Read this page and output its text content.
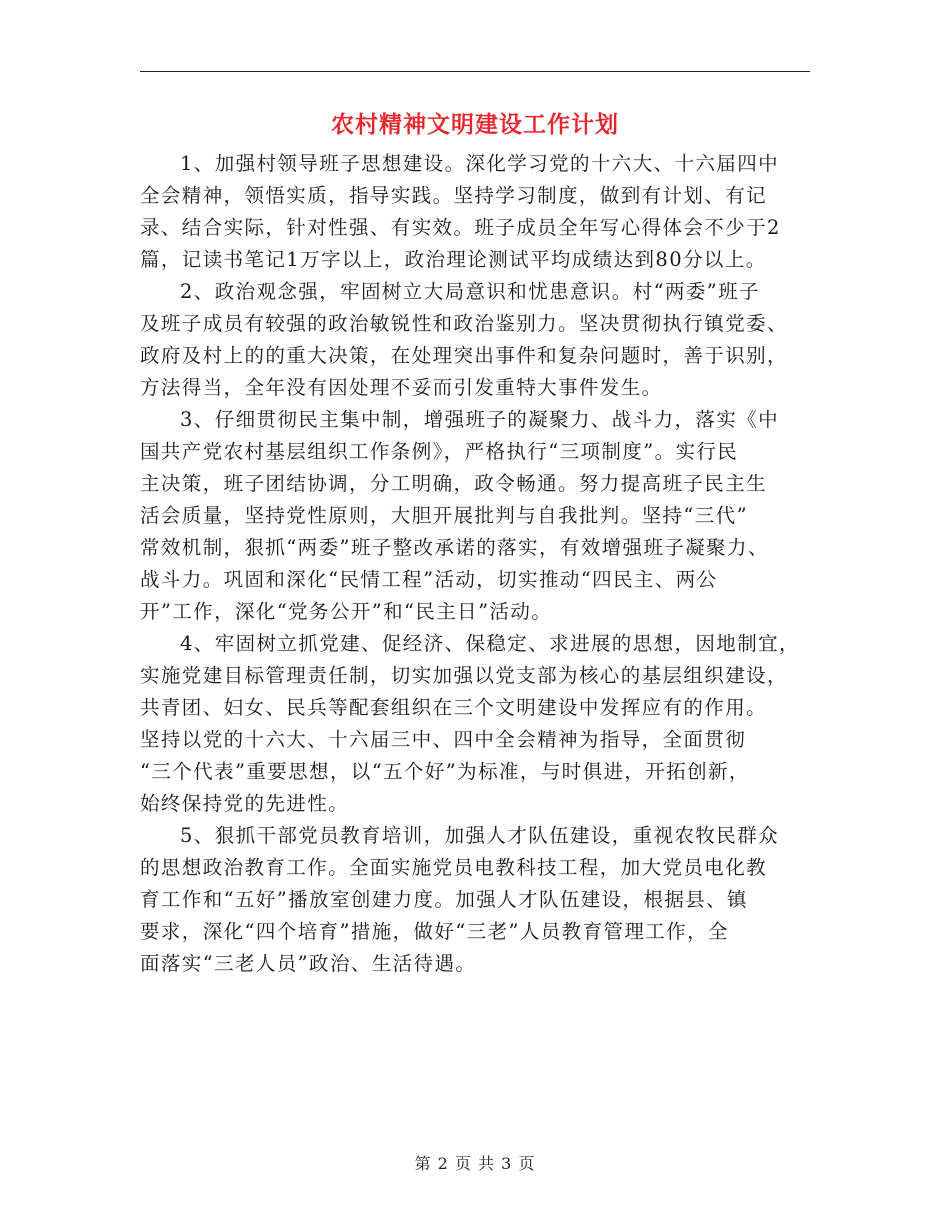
农村精神文明建设工作计划

1、加强村领导班子思想建设。深化学习党的十六大、十六届四中
全会精神，领悟实质，指导实践。坚持学习制度，做到有计划、有记
录、结合实际，针对性强、有实效。班子成员全年写心得体会不少于2
篇，记读书笔记1万字以上，政治理论测试平均成绩达到80分以上。

2、政治观念强，牢固树立大局意识和忧患意识。村“两委”班子
及班子成员有较强的政治敏锐性和政治鉴别力。坚决贯彻执行镇党委、
政府及村上的的重大决策，在处理突出事件和复杂问题时，善于识别，
方法得当，全年没有因处理不妥而引发重特大事件发生。

3、仔细贯彻民主集中制，增强班子的凝聚力、战斗力，落实《中
国共产党农村基层组织工作条例》，严格执行“三项制度”。实行民
主决策，班子团结协调，分工明确，政令畅通。努力提高班子民主生
活会质量，坚持党性原则，大胆开展批判与自我批判。坚持“三代”
常效机制，狠抓“两委”班子整改承诺的落实，有效增强班子凝聚力、
战斗力。巩固和深化“民情工程”活动，切实推动“四民主、两公
开”工作，深化“党务公开”和“民主日”活动。

4、牢固树立抓党建、促经济、保稳定、求进展的思想，因地制宜，
实施党建目标管理责任制，切实加强以党支部为核心的基层组织建设，
共青团、妇女、民兵等配套组织在三个文明建设中发挥应有的作用。
坚持以党的十六大、十六届三中、四中全会精神为指导，全面贯彻
“三个代表”重要思想，以“五个好”为标准，与时俱进，开拓创新，
始终保持党的先进性。

5、狠抓干部党员教育培训，加强人才队伍建设，重视农牧民群众
的思想政治教育工作。全面实施党员电教科技工程，加大党员电化教
育工作和“五好”播放室创建力度。加强人才队伍建设，根据县、镇
要求，深化“四个培育”措施，做好“三老”人员教育管理工作，全
面落实“三老人员”政治、生活待遇。

第 2 页 共 3 页
